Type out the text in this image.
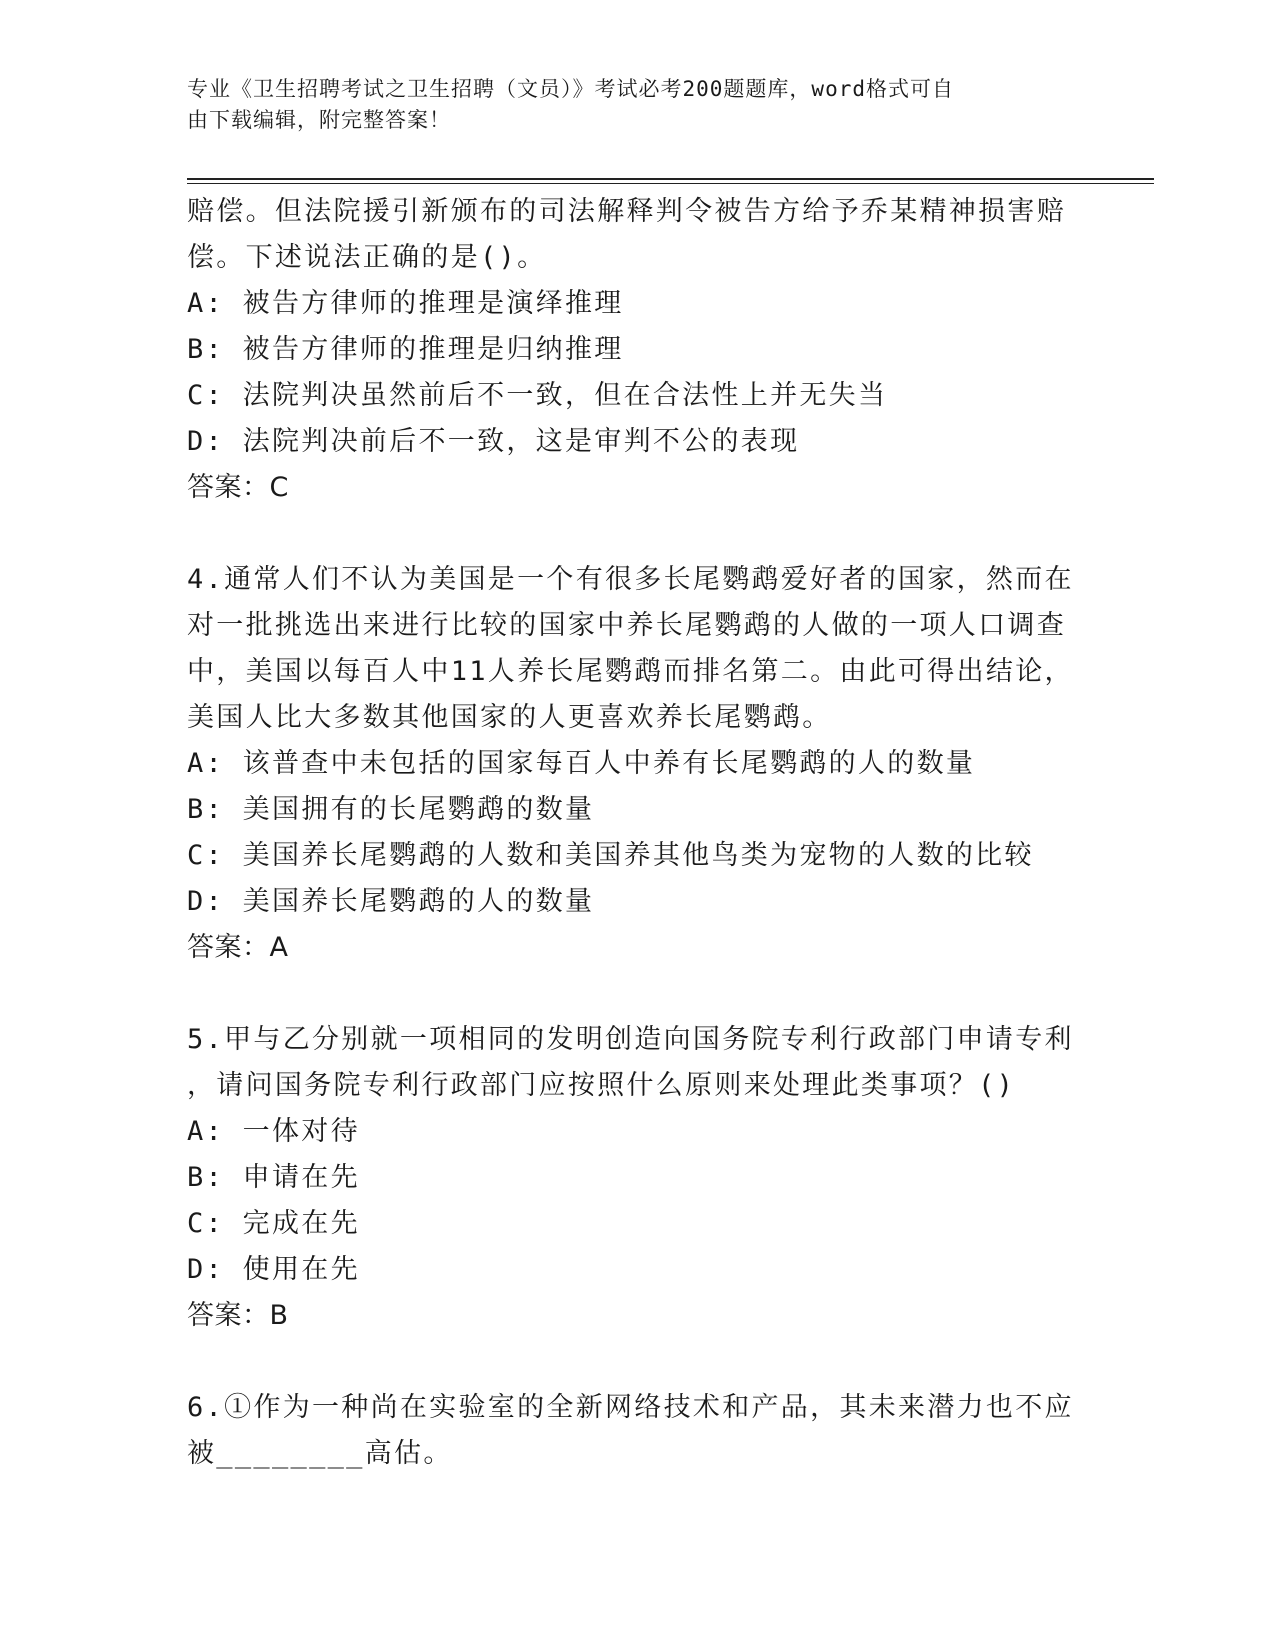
专业《卫生招聘考试之卫生招聘（文员）》考试必考200题题库，word格式可自
由下载编辑，附完整答案！
赔偿。但法院援引新颁布的司法解释判令被告方给予乔某精神损害赔
偿。下述说法正确的是()。
A: 被告方律师的推理是演绎推理
B: 被告方律师的推理是归纳推理
C: 法院判决虽然前后不一致，但在合法性上并无失当
D: 法院判决前后不一致，这是审判不公的表现
答案：C
4.通常人们不认为美国是一个有很多长尾鹦鹉爱好者的国家，然而在
对一批挑选出来进行比较的国家中养长尾鹦鹉的人做的一项人口调查
中，美国以每百人中11人养长尾鹦鹉而排名第二。由此可得出结论，
美国人比大多数其他国家的人更喜欢养长尾鹦鹉。
A: 该普查中未包括的国家每百人中养有长尾鹦鹉的人的数量
B: 美国拥有的长尾鹦鹉的数量
C: 美国养长尾鹦鹉的人数和美国养其他鸟类为宠物的人数的比较
D: 美国养长尾鹦鹉的人的数量
答案：A
5.甲与乙分别就一项相同的发明创造向国务院专利行政部门申请专利
，请问国务院专利行政部门应按照什么原则来处理此类事项？()
A: 一体对待
B: 申请在先
C: 完成在先
D: 使用在先
答案：B
6.①作为一种尚在实验室的全新网络技术和产品，其未来潜力也不应
被________高估。
